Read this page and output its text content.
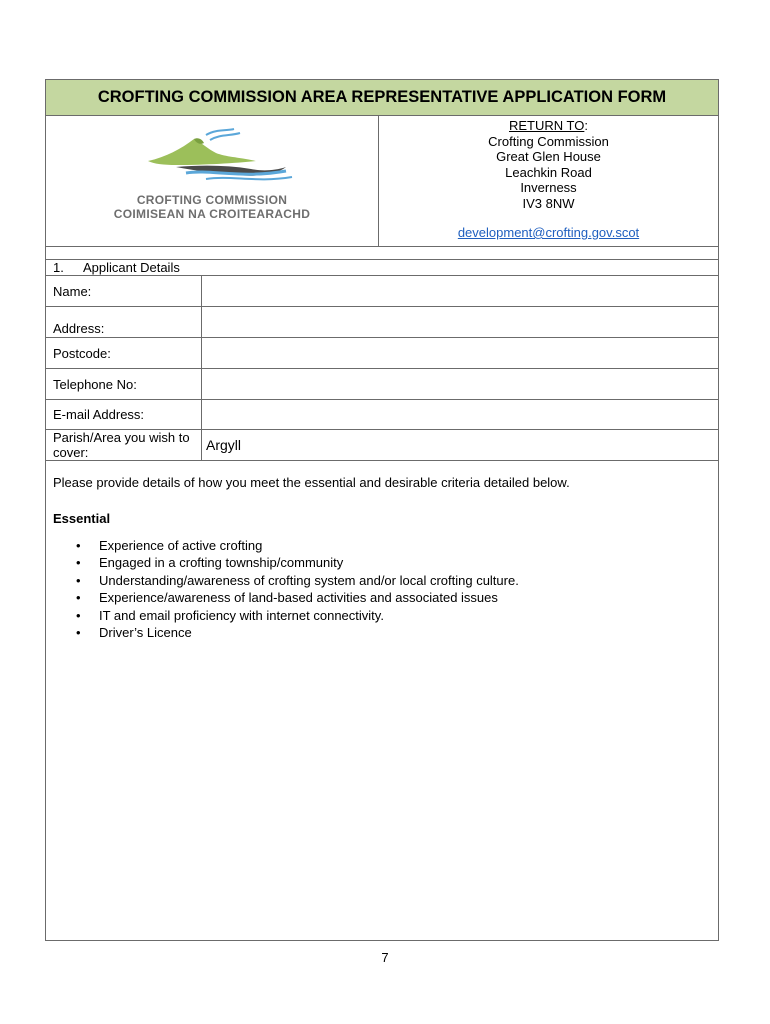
CROFTING COMMISSION AREA REPRESENTATIVE APPLICATION FORM
CROFTING COMMISSION
COIMISEAN NA CROITEARACHD
RETURN TO:
Crofting Commission
Great Glen House
Leachkin Road
Inverness
IV3 8NW
development@crofting.gov.scot
1. Applicant Details
Name:
Address:
Postcode:
Telephone No:
E-mail Address:
Parish/Area you wish to cover:	Argyll
Please provide details of how you meet the essential and desirable criteria detailed below.
Essential
• Experience of active crofting
• Engaged in a crofting township/community
• Understanding/awareness of crofting system and/or local crofting culture.
• Experience/awareness of land-based activities and associated issues
• IT and email proficiency with internet connectivity.
• Driver’s Licence
7
